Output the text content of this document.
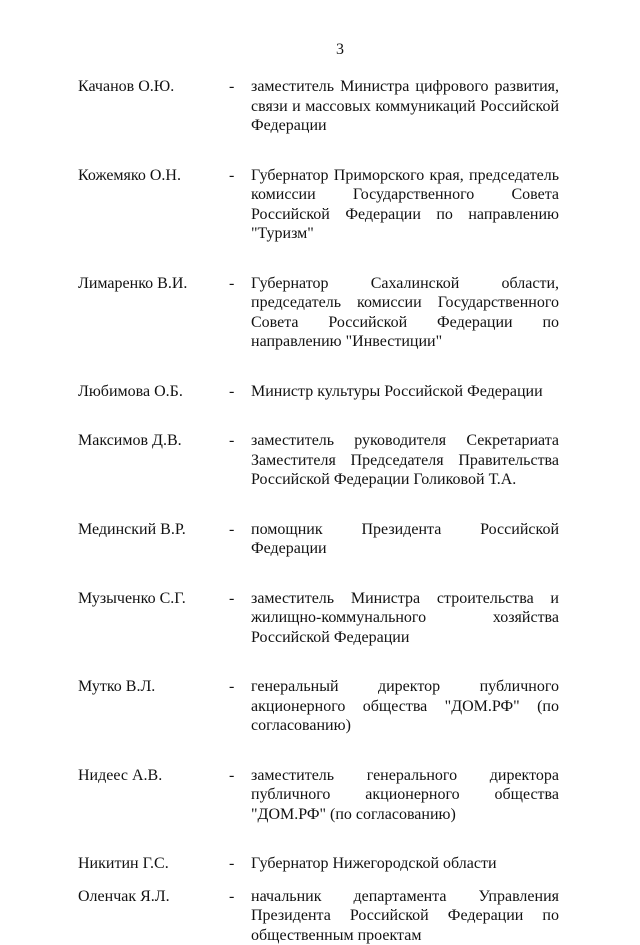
3
Качанов О.Ю.	- заместитель Министра цифрового развития, связи и массовых коммуникаций Российской Федерации
Кожемяко О.Н.	- Губернатор Приморского края, председатель комиссии Государственного Совета Российской Федерации по направлению "Туризм"
Лимаренко В.И.	- Губернатор Сахалинской области, председатель комиссии Государственного Совета Российской Федерации по направлению "Инвестиции"
Любимова О.Б.	- Министр культуры Российской Федерации
Максимов Д.В.	- заместитель руководителя Секретариата Заместителя Председателя Правительства Российской Федерации Голиковой Т.А.
Мединский В.Р.	- помощник Президента Российской Федерации
Музыченко С.Г.	- заместитель Министра строительства и жилищно-коммунального хозяйства Российской Федерации
Мутко В.Л.	- генеральный директор публичного акционерного общества "ДОМ.РФ" (по согласованию)
Нидеес А.В.	- заместитель генерального директора публичного акционерного общества "ДОМ.РФ" (по согласованию)
Никитин Г.С.	- Губернатор Нижегородской области
Оленчак Я.Л.	- начальник департамента Управления Президента Российской Федерации по общественным проектам
